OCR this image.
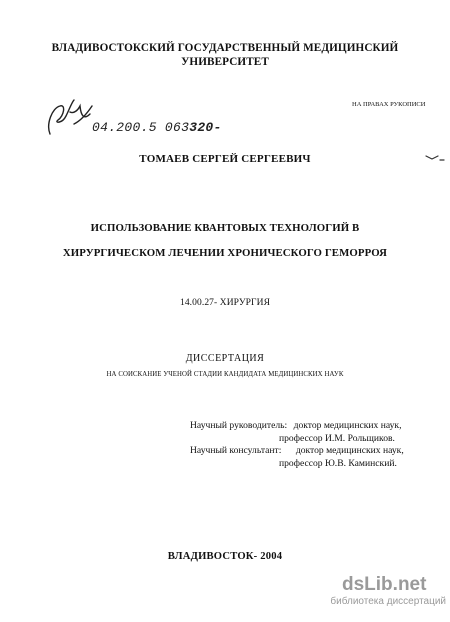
ВЛАДИВОСТОКСКИЙ ГОСУДАРСТВЕННЫЙ МЕДИЦИНСКИЙ
УНИВЕРСИТЕТ
НА ПРАВАХ РУКОПИСИ
04.200.5 063320-
ТОМАЕВ СЕРГЕЙ СЕРГЕЕВИЧ
ИСПОЛЬЗОВАНИЕ КВАНТОВЫХ ТЕХНОЛОГИЙ В
ХИРУРГИЧЕСКОМ ЛЕЧЕНИИ ХРОНИЧЕСКОГО ГЕМОРРОЯ
14.00.27- ХИРУРГИЯ
ДИССЕРТАЦИЯ
НА СОИСКАНИЕ УЧЕНОЙ СТАДИИ КАНДИДАТА МЕДИЦИНСКИХ НАУК
Научный руководитель: доктор медицинских наук,
профессор И.М. Рольщиков.
Научный консультант: доктор медицинских наук,
профессор Ю.В. Каминский.
ВЛАДИВОСТОК- 2004
dsLib.net
библиотека диссертаций
